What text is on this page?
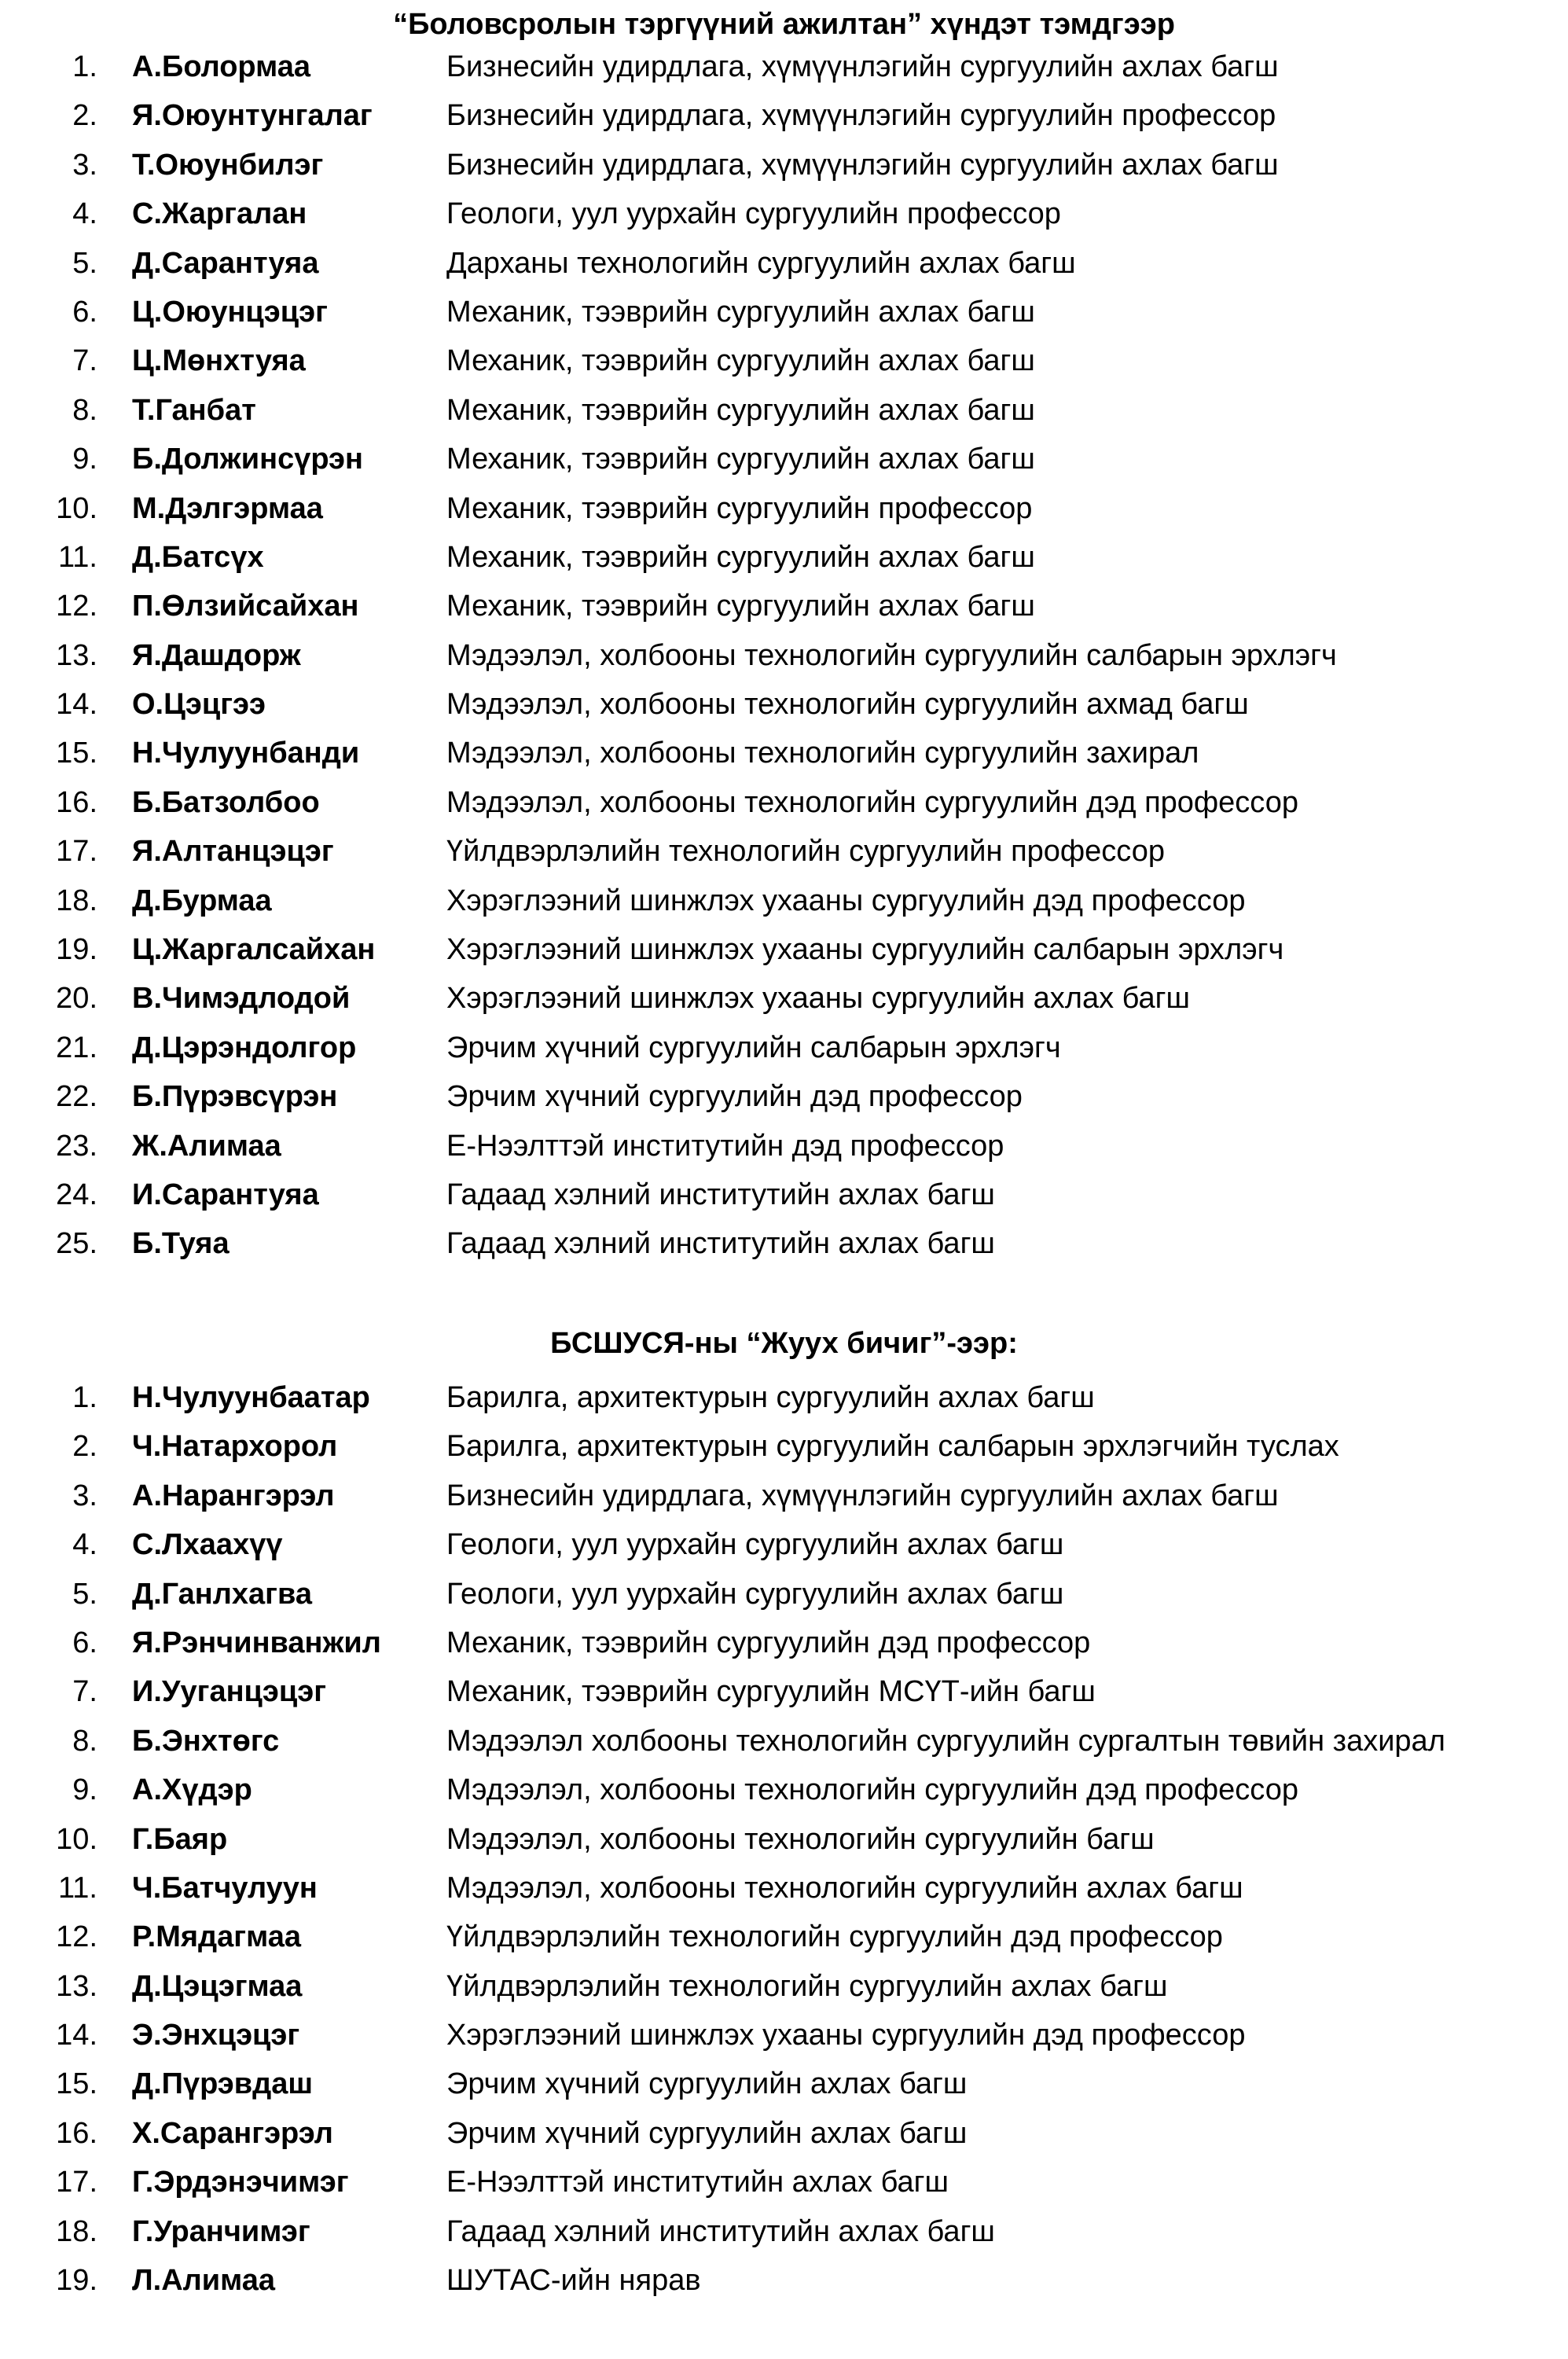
“Боловсролын тэргүүний ажилтан” хүндэт тэмдгээр
1. А.Болормаа	Бизнесийн удирдлага, хүмүүнлэгийн сургуулийн ахлах багш
2. Я.Оюунтунгалаг Бизнесийн удирдлага, хүмүүнлэгийн сургуулийн профессор
3. Т.Оюунбилэг	Бизнесийн удирдлага, хүмүүнлэгийн сургуулийн ахлах багш
4. С.Жаргалан	Геологи, уул уурхайн сургуулийн профессор
5. Д.Сарантуяа	Дарханы технологийн сургуулийн ахлах багш
6. Ц.Оюунцэцэг	Механик, тээврийн сургуулийн ахлах багш
7. Ц.Мөнхтуяа	Механик, тээврийн сургуулийн ахлах багш
8. Т.Ганбат	Механик, тээврийн сургуулийн ахлах багш
9. Б.Должинсүрэн	Механик, тээврийн сургуулийн ахлах багш
10. М.Дэлгэрмаа	Механик, тээврийн сургуулийн профессор
11. Д.Батсүх	Механик, тээврийн сургуулийн ахлах багш
12. П.Өлзийсайхан	Механик, тээврийн сургуулийн ахлах багш
13. Я.Дашдорж	Мэдээлэл, холбооны технологийн сургуулийн салбарын эрхлэгч
14. О.Цэцгээ	Мэдээлэл, холбооны технологийн сургуулийн ахмад багш
15. Н.Чулуунбанди	Мэдээлэл, холбооны технологийн сургуулийн захирал
16. Б.Батзолбоо	Мэдээлэл, холбооны технологийн сургуулийн дэд профессор
17. Я.Алтанцэцэг	Үйлдвэрлэлийн технологийн сургуулийн профессор
18. Д.Бурмаа	Хэрэглээний шинжлэх ухааны сургуулийн дэд профессор
19. Ц.Жаргалсайхан Хэрэглээний шинжлэх ухааны сургуулийн салбарын эрхлэгч
20. В.Чимэдлодой	Хэрэглээний шинжлэх ухааны сургуулийн ахлах багш
21. Д.Цэрэндолгор	Эрчим хүчний сургуулийн салбарын эрхлэгч
22. Б.Пүрэвсүрэн	Эрчим хүчний сургуулийн дэд профессор
23. Ж.Алимаа	Е-Нээлттэй институтийн дэд профессор
24. И.Сарантуяа	Гадаад хэлний институтийн ахлах багш
25. Б.Туяа	Гадаад хэлний институтийн ахлах багш
БСШУСЯ-ны “Жуух бичиг”-ээр:
1. Н.Чулуунбаатар	Барилга, архитектурын сургуулийн ахлах багш
2. Ч.Натархорол	Барилга, архитектурын сургуулийн салбарын эрхлэгчийн туслах
3. А.Нарангэрэл	Бизнесийн удирдлага, хүмүүнлэгийн сургуулийн ахлах багш
4. С.Лхаахүү	Геологи, уул уурхайн сургуулийн ахлах багш
5. Д.Ганлхагва	Геологи, уул уурхайн сургуулийн ахлах багш
6. Я.Рэнчинванжил Механик, тээврийн сургуулийн дэд профессор
7. И.Ууганцэцэг	Механик, тээврийн сургуулийн МСҮТ-ийн багш
8. Б.Энхтөгс	Мэдээлэл холбооны технологийн сургуулийн сургалтын төвийн захирал
9. А.Хүдэр	Мэдээлэл, холбооны технологийн сургуулийн дэд профессор
10. Г.Баяр	Мэдээлэл, холбооны технологийн сургуулийн багш
11. Ч.Батчулуун	Мэдээлэл, холбооны технологийн сургуулийн ахлах багш
12. Р.Мядагмаа	Үйлдвэрлэлийн технологийн сургуулийн дэд профессор
13. Д.Цэцэгмаа	Үйлдвэрлэлийн технологийн сургуулийн ахлах багш
14. Э.Энхцэцэг	Хэрэглээний шинжлэх ухааны сургуулийн дэд профессор
15. Д.Пүрэвдаш	Эрчим хүчний сургуулийн ахлах багш
16. Х.Сарангэрэл	Эрчим хүчний сургуулийн ахлах багш
17. Г.Эрдэнэчимэг	Е-Нээлттэй институтийн ахлах багш
18. Г.Уранчимэг	Гадаад хэлний институтийн ахлах багш
19. Л.Алимаа	ШУТАС-ийн нярав
